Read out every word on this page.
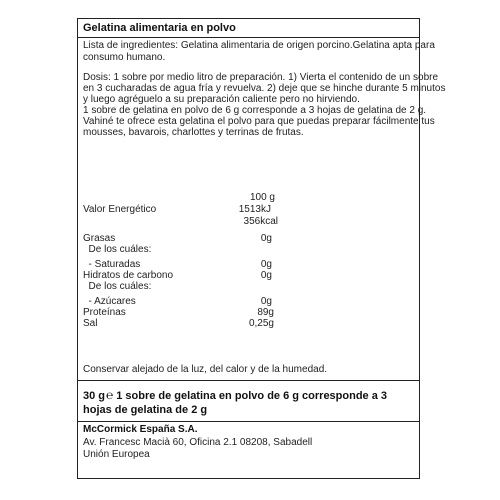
Gelatina alimentaria en polvo
Lista de ingredientes: Gelatina alimentaria de origen porcino.Gelatina apta para
consumo humano.
Dosis: 1 sobre por medio litro de preparación. 1) Vierta el contenido de un sobre
en 3 cucharadas de agua fría y revuelva. 2) deje que se hinche durante 5 minutos
y luego agréguelo a su preparación caliente pero no hirviendo.
1 sobre de gelatina en polvo de 6 g corresponde a 3 hojas de gelatina de 2 g.
Vahiné te ofrece esta gelatina el polvo para que puedas preparar fácilmente tus
mousses, bavarois, charlottes y terrinas de frutas.
100 g
Valor Energético	1513kJ
356kcal
Grasas	0g
De los cuáles:
- Saturadas	0g
Hidratos de carbono	0g
De los cuáles:
- Azúcares	0g
Proteínas	89g
Sal	0,25g
Conservar alejado de la luz, del calor y de la humedad.
30 g℮ 1 sobre de gelatina en polvo de 6 g corresponde a 3
hojas de gelatina de 2 g
McCormick España S.A.
Av. Francesc Macià 60, Oficina 2.1 08208, Sabadell
Unión Europea
